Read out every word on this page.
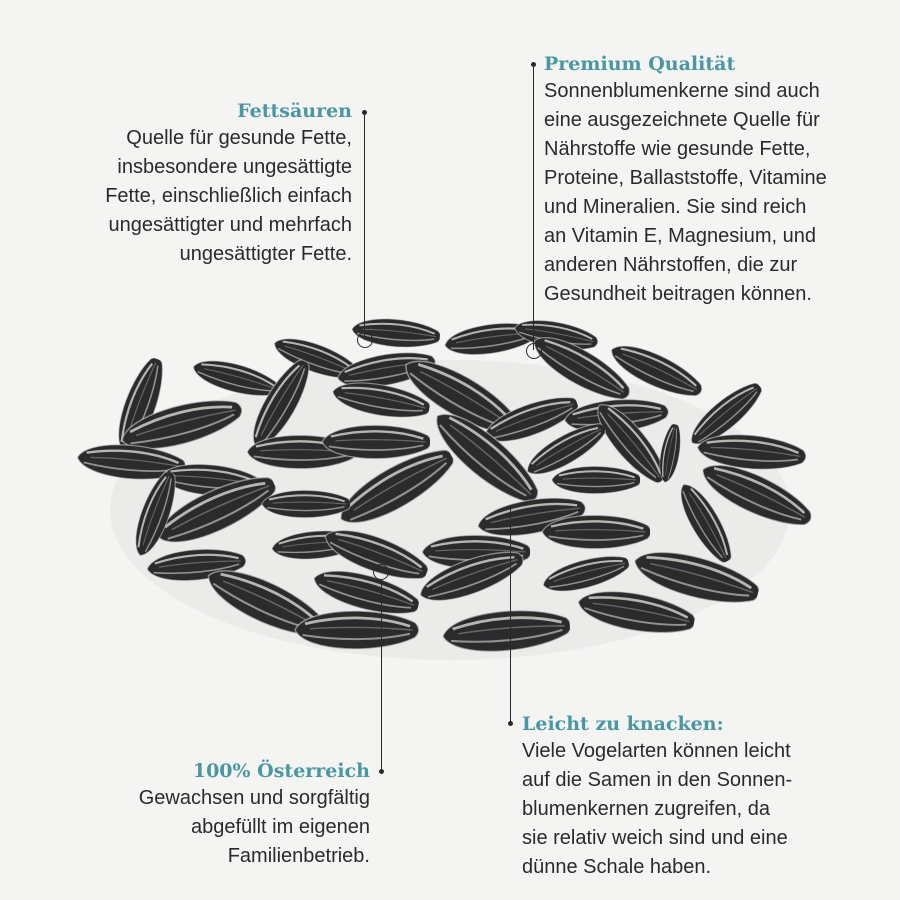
Fettsäuren
Quelle für gesunde Fette,
insbesondere ungesättigte
Fette, einschließlich einfach
ungesättigter und mehrfach
ungesättigter Fette.
Premium Qualität
Sonnenblumenkerne sind auch
eine ausgezeichnete Quelle für
Nährstoffe wie gesunde Fette,
Proteine, Ballaststoffe, Vitamine
und Mineralien. Sie sind reich
an Vitamin E, Magnesium, und
anderen Nährstoffen, die zur
Gesundheit beitragen können.
100% Österreich
Gewachsen und sorgfältig
abgefüllt im eigenen
Familienbetrieb.
Leicht zu knacken:
Viele Vogelarten können leicht
auf die Samen in den Sonnen-
blumenkernen zugreifen, da
sie relativ weich sind und eine
dünne Schale haben.
